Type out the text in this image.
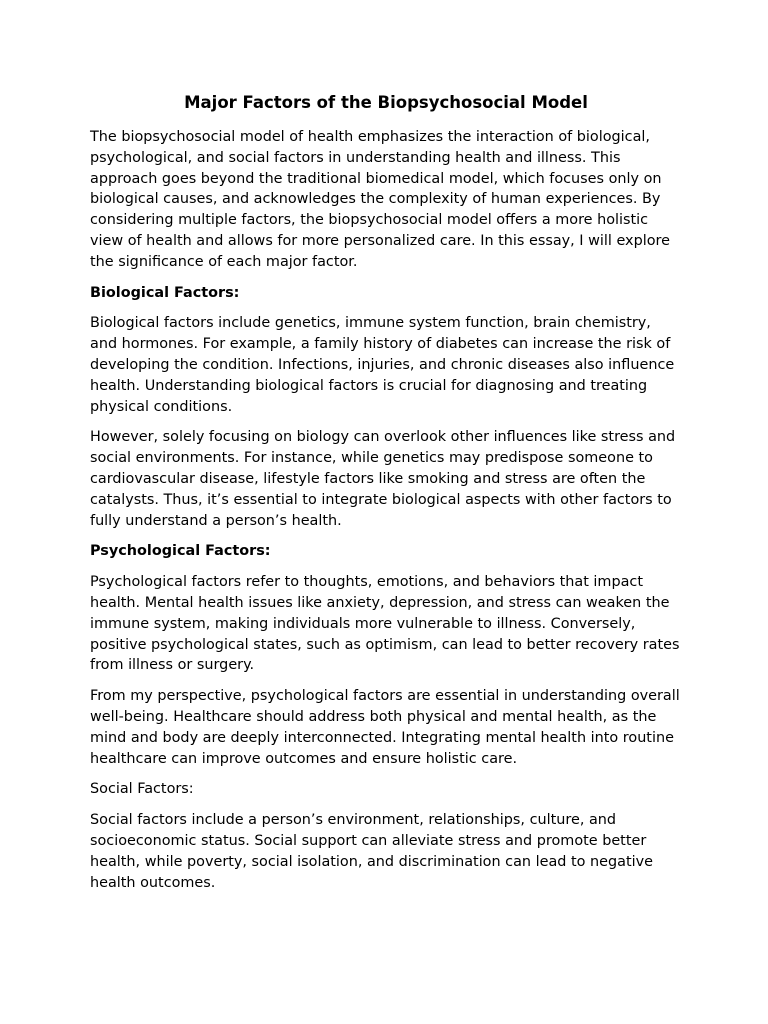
Major Factors of the Biopsychosocial Model

The biopsychosocial model of health emphasizes the interaction of biological, psychological, and social factors in understanding health and illness. This approach goes beyond the traditional biomedical model, which focuses only on biological causes, and acknowledges the complexity of human experiences. By considering multiple factors, the biopsychosocial model offers a more holistic view of health and allows for more personalized care. In this essay, I will explore the significance of each major factor.

Biological Factors:

Biological factors include genetics, immune system function, brain chemistry, and hormones. For example, a family history of diabetes can increase the risk of developing the condition. Infections, injuries, and chronic diseases also influence health. Understanding biological factors is crucial for diagnosing and treating physical conditions.

However, solely focusing on biology can overlook other influences like stress and social environments. For instance, while genetics may predispose someone to cardiovascular disease, lifestyle factors like smoking and stress are often the catalysts. Thus, it’s essential to integrate biological aspects with other factors to fully understand a person’s health.

Psychological Factors:

Psychological factors refer to thoughts, emotions, and behaviors that impact health. Mental health issues like anxiety, depression, and stress can weaken the immune system, making individuals more vulnerable to illness. Conversely, positive psychological states, such as optimism, can lead to better recovery rates from illness or surgery.

From my perspective, psychological factors are essential in understanding overall well-being. Healthcare should address both physical and mental health, as the mind and body are deeply interconnected. Integrating mental health into routine healthcare can improve outcomes and ensure holistic care.

Social Factors:

Social factors include a person’s environment, relationships, culture, and socioeconomic status. Social support can alleviate stress and promote better health, while poverty, social isolation, and discrimination can lead to negative health outcomes.
